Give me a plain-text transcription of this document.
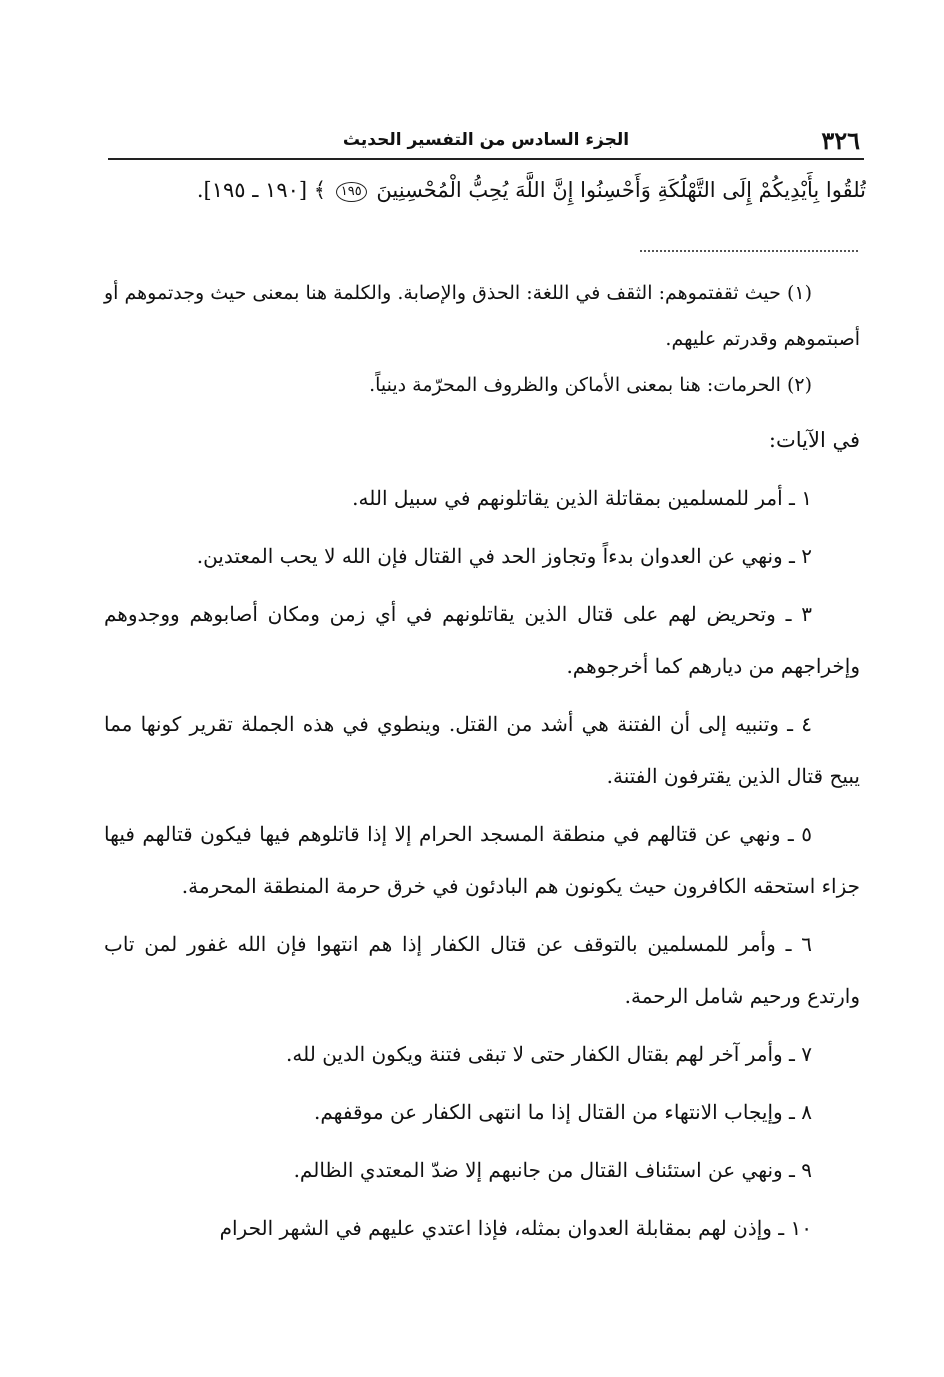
٣٢٦
الجزء السادس من التفسير الحديث
تُلقُوا بِأَيْدِيكُمْ إِلَى التَّهْلُكَةِ وَأَحْسِنُوا إِنَّ اللَّهَ يُحِبُّ الْمُحْسِنِينَ ١٩٥ ﴾ [١٩٠ ـ ١٩٥].

(١) حيث ثقفتموهم: الثقف في اللغة: الحذق والإصابة. والكلمة هنا بمعنى حيث وجدتموهم أو أصبتموهم وقدرتم عليهم.

(٢) الحرمات: هنا بمعنى الأماكن والظروف المحرّمة دينياً.

في الآيات:

١ ـ أمر للمسلمين بمقاتلة الذين يقاتلونهم في سبيل الله.

٢ ـ ونهي عن العدوان بدءاً وتجاوز الحد في القتال فإن الله لا يحب المعتدين.

٣ ـ وتحريض لهم على قتال الذين يقاتلونهم في أي زمن ومكان أصابوهم ووجدوهم وإخراجهم من ديارهم كما أخرجوهم.

٤ ـ وتنبيه إلى أن الفتنة هي أشد من القتل. وينطوي في هذه الجملة تقرير كونها مما يبيح قتال الذين يقترفون الفتنة.

٥ ـ ونهي عن قتالهم في منطقة المسجد الحرام إلا إذا قاتلوهم فيها فيكون قتالهم فيها جزاء استحقه الكافرون حيث يكونون هم البادئون في خرق حرمة المنطقة المحرمة.

٦ ـ وأمر للمسلمين بالتوقف عن قتال الكفار إذا هم انتهوا فإن الله غفور لمن تاب وارتدع ورحيم شامل الرحمة.

٧ ـ وأمر آخر لهم بقتال الكفار حتى لا تبقى فتنة ويكون الدين لله.

٨ ـ وإيجاب الانتهاء من القتال إذا ما انتهى الكفار عن موقفهم.

٩ ـ ونهي عن استئناف القتال من جانبهم إلا ضدّ المعتدي الظالم.

١٠ ـ وإذن لهم بمقابلة العدوان بمثله، فإذا اعتدي عليهم في الشهر الحرام
